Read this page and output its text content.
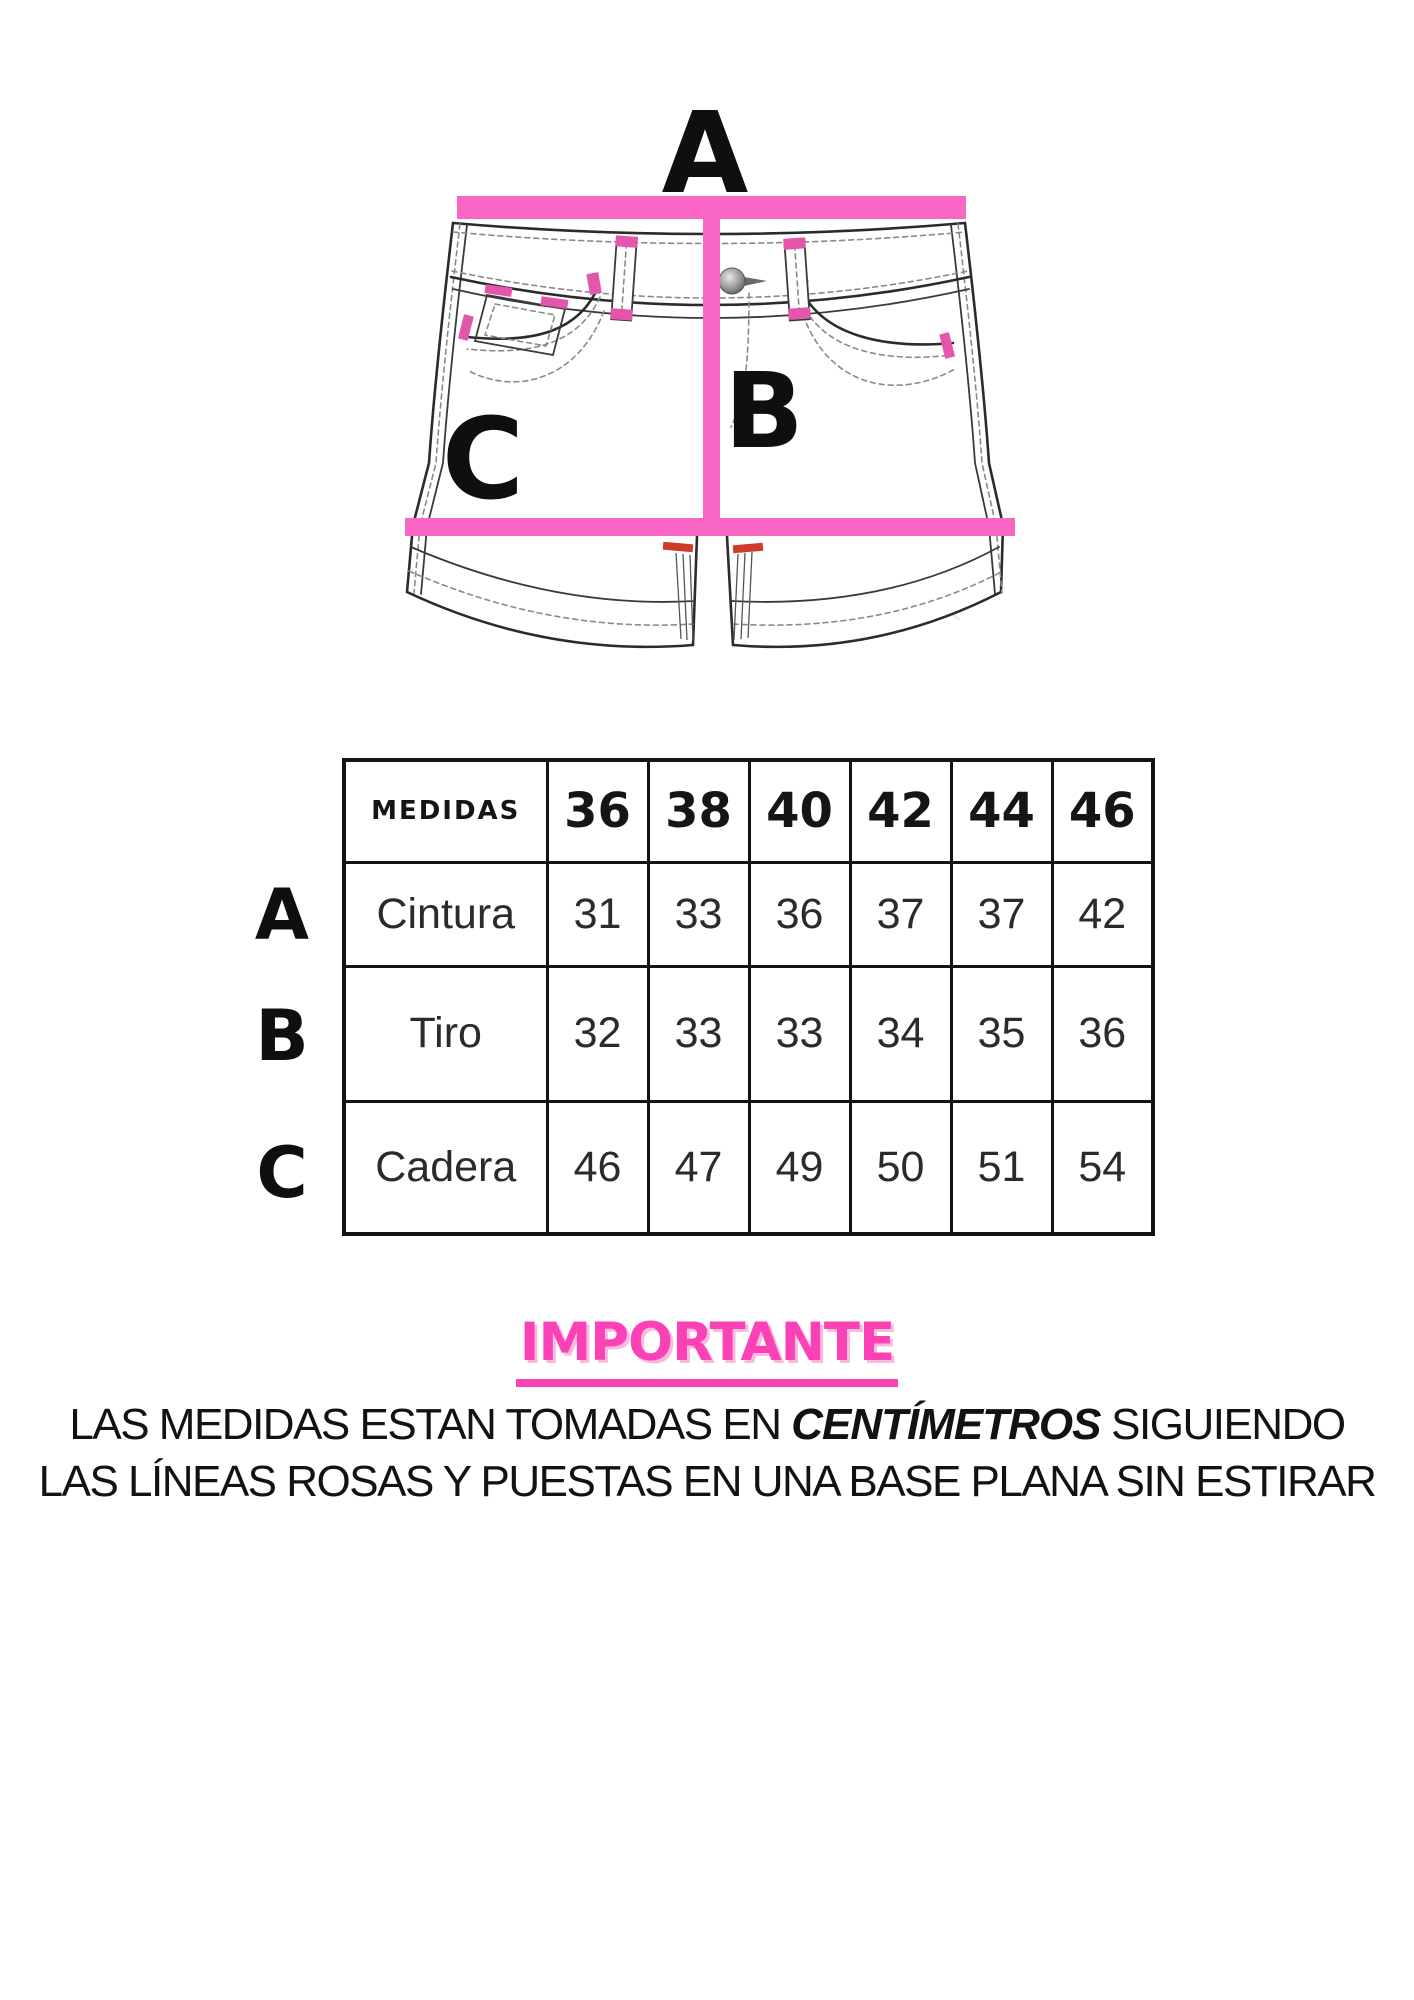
A
B
C
A
B
C
MEDIDAS	36	38	40	42	44	46
Cintura	31	33	36	37	37	42
Tiro	32	33	33	34	35	36
Cadera	46	47	49	50	51	54
IMPORTANTE
LAS MEDIDAS ESTAN TOMADAS EN CENTÍMETROS SIGUIENDO
LAS LÍNEAS ROSAS Y PUESTAS EN UNA BASE PLANA SIN ESTIRAR
